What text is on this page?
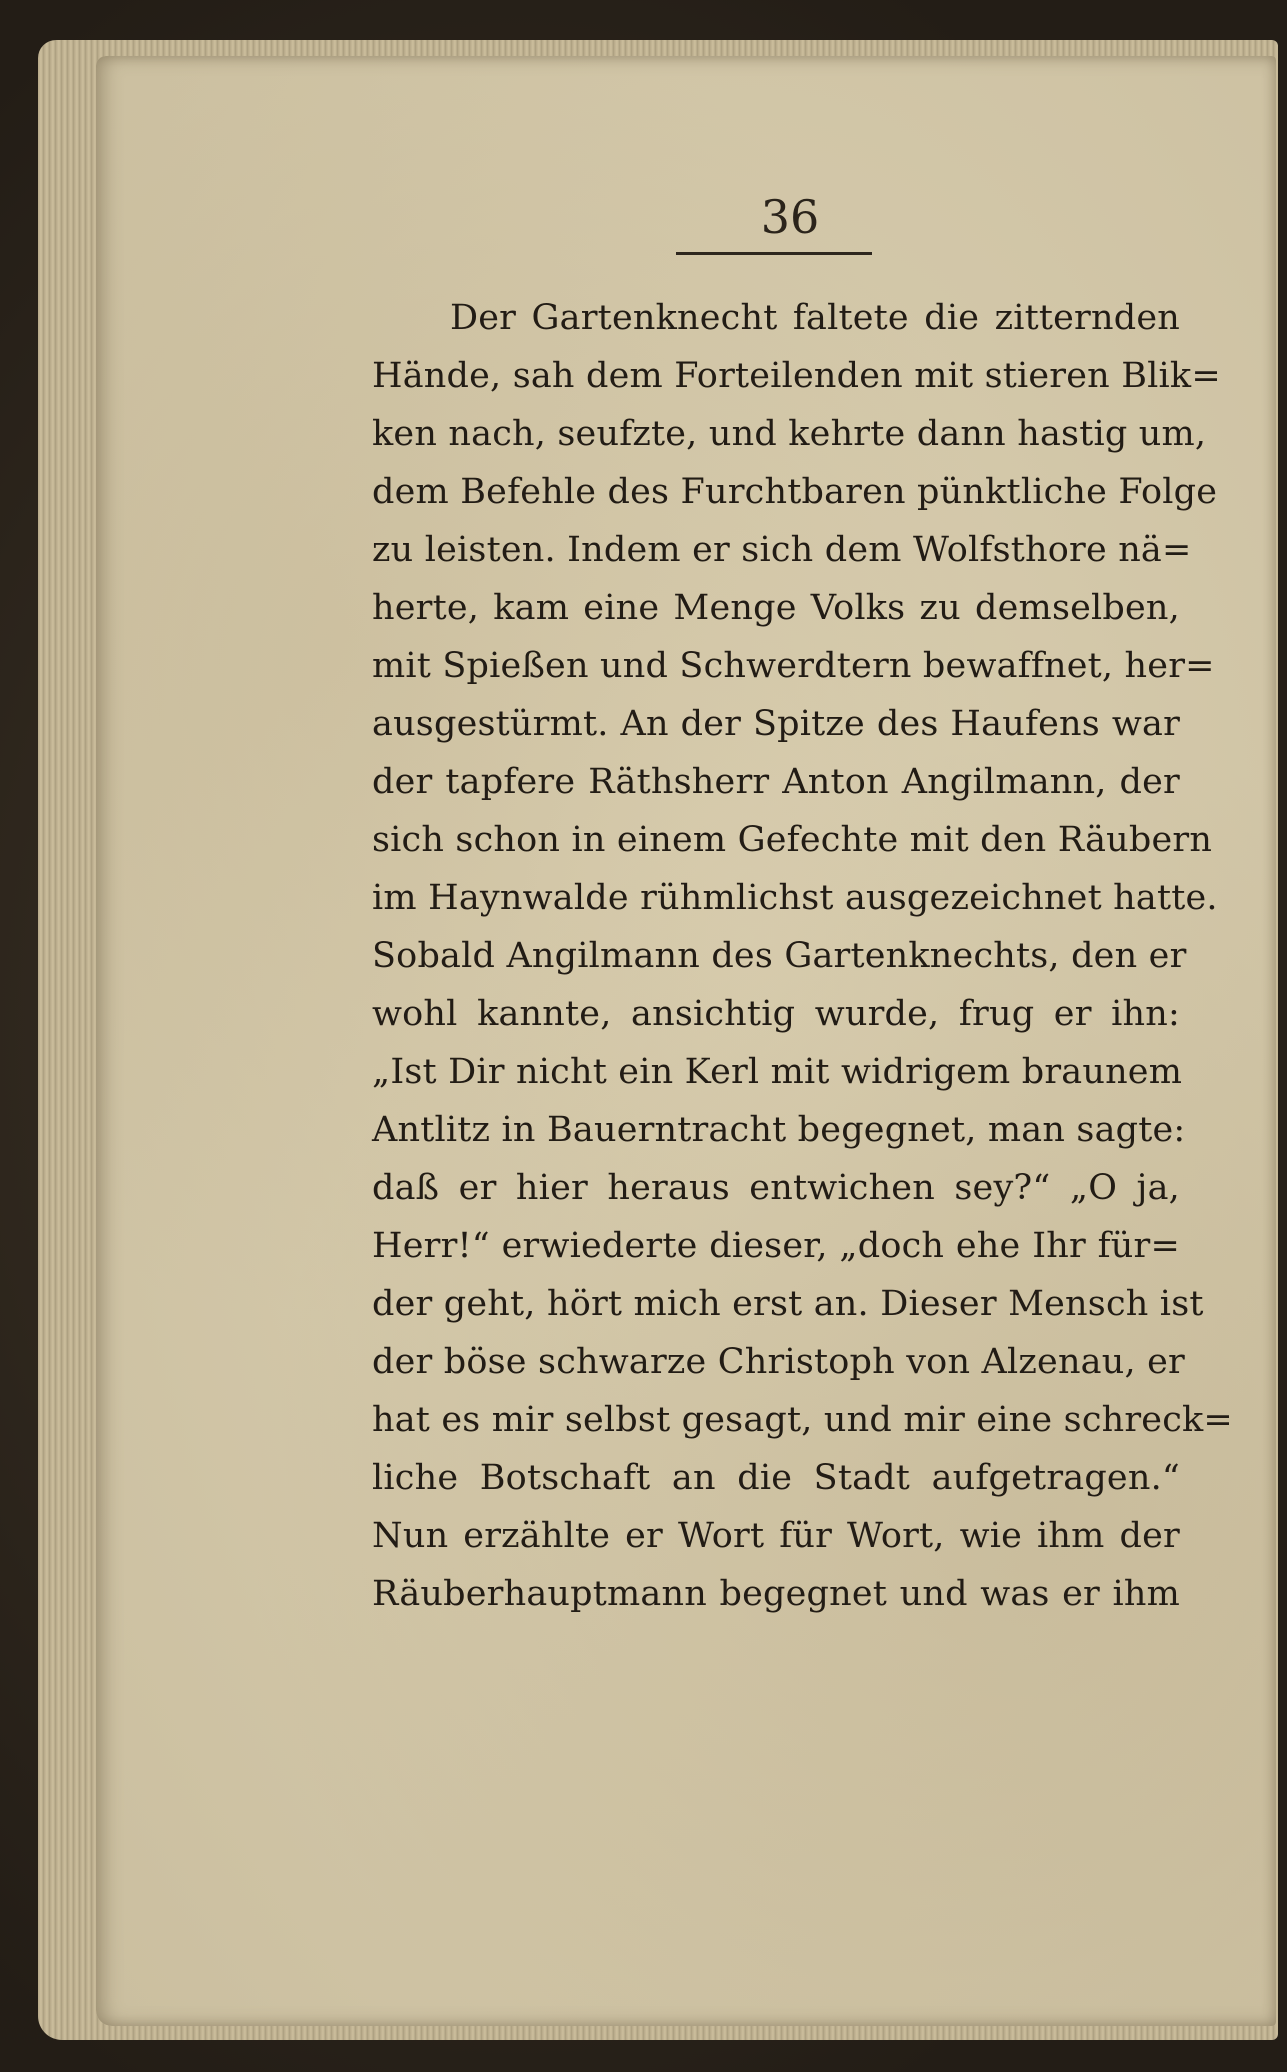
36
Der Gartenknecht faltete die zitternden
Hände, sah dem Forteilenden mit stieren Blik=
ken nach, seufzte, und kehrte dann hastig um,
dem Befehle des Furchtbaren pünktliche Folge
zu leisten. Indem er sich dem Wolfsthore nä=
herte, kam eine Menge Volks zu demselben,
mit Spießen und Schwerdtern bewaffnet, her=
ausgestürmt. An der Spitze des Haufens war
der tapfere Räthsherr Anton Angilmann, der
sich schon in einem Gefechte mit den Räubern
im Haynwalde rühmlichst ausgezeichnet hatte.
Sobald Angilmann des Gartenknechts, den er
wohl kannte, ansichtig wurde, frug er ihn:
„Ist Dir nicht ein Kerl mit widrigem braunem
Antlitz in Bauerntracht begegnet, man sagte:
daß er hier heraus entwichen sey?“ „O ja,
Herr!“ erwiederte dieser, „doch ehe Ihr für=
der geht, hört mich erst an. Dieser Mensch ist
der böse schwarze Christoph von Alzenau, er
hat es mir selbst gesagt, und mir eine schreck=
liche Botschaft an die Stadt aufgetragen.“
Nun erzählte er Wort für Wort, wie ihm der
Räuberhauptmann begegnet und was er ihm
